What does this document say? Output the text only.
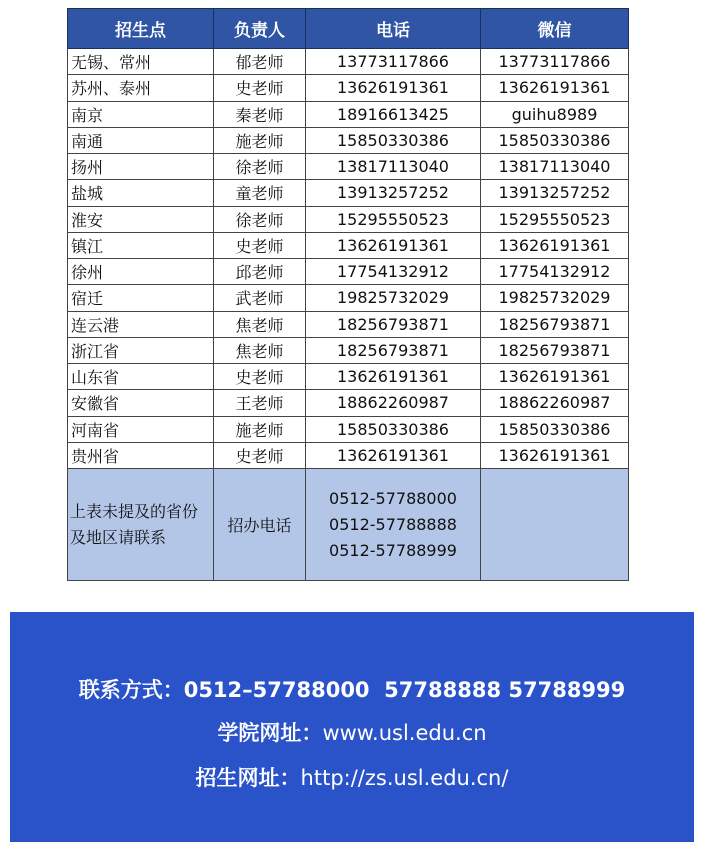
招生点	负责人	电话	微信
无锡、常州	郁老师	13773117866	13773117866
苏州、泰州	史老师	13626191361	13626191361
南京	秦老师	18916613425	guihu8989
南通	施老师	15850330386	15850330386
扬州	徐老师	13817113040	13817113040
盐城	童老师	13913257252	13913257252
淮安	徐老师	15295550523	15295550523
镇江	史老师	13626191361	13626191361
徐州	邱老师	17754132912	17754132912
宿迁	武老师	19825732029	19825732029
连云港	焦老师	18256793871	18256793871
浙江省	焦老师	18256793871	18256793871
山东省	史老师	13626191361	13626191361
安徽省	王老师	18862260987	18862260987
河南省	施老师	15850330386	15850330386
贵州省	史老师	13626191361	13626191361
上表未提及的省份及地区请联系	招办电话	0512-57788000
0512-57788888
0512-57788999	

联系方式：0512–57788000  57788888 57788999
学院网址：www.usl.edu.cn
招生网址：http://zs.usl.edu.cn/
